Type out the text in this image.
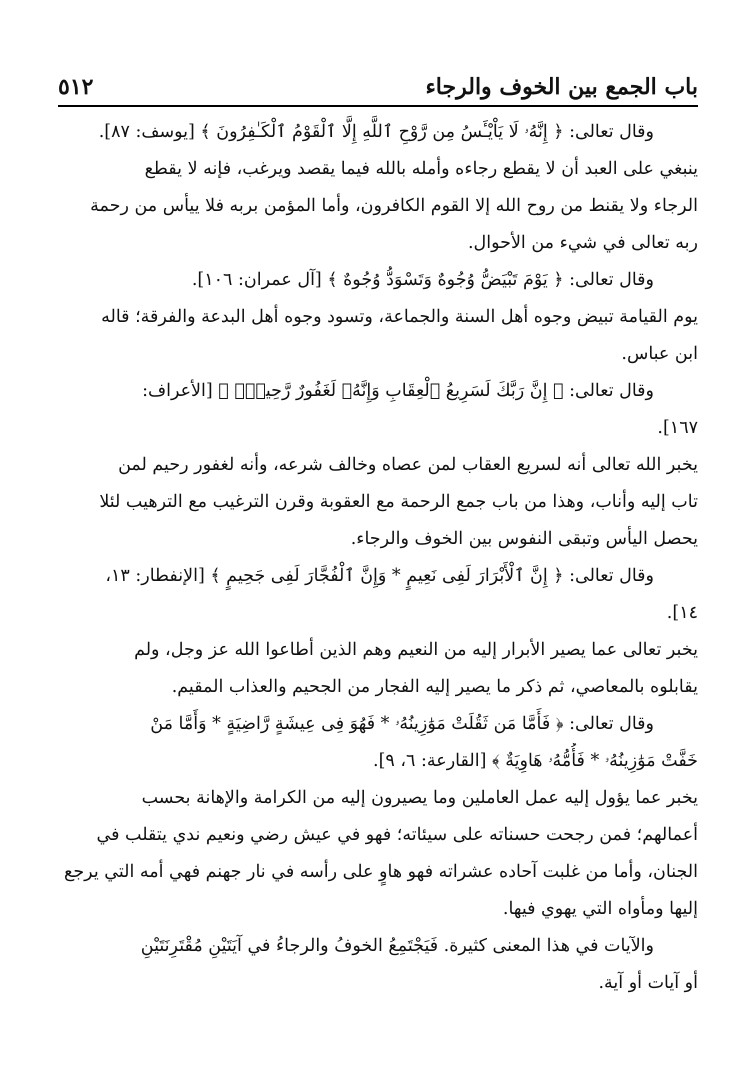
باب الجمع بين الخوف والرجاء
٥١٢
وقال تعالى: ﴿ إِنَّهُۥ لَا يَاْيْـَٔسُ مِن رَّوْحِ ٱللَّهِ إِلَّا ٱلْقَوْمُ ٱلْكَـٰفِرُونَ ﴾ [يوسف: ٨٧].
ينبغي على العبد أن لا يقطع رجاءه وأمله بالله فيما يقصد ويرغب، فإنه لا يقطع
الرجاء ولا يقنط من روح الله إلا القوم الكافرون، وأما المؤمن بربه فلا ييأس من رحمة
ربه تعالى في شيء من الأحوال.
وقال تعالى: ﴿ يَوْمَ تَبْيَضُّ وُجُوهٌ وَتَسْوَدُّ وُجُوهٌ ﴾ [آل عمران: ١٠٦].
يوم القيامة تبيض وجوه أهل السنة والجماعة، وتسود وجوه أهل البدعة والفرقة؛ قاله
ابن عباس.
وقال تعالى: ﴿ إِنَّ رَبَّكَ لَسَرِيعُ ٱلْعِقَابِ وَإِنَّهُۥ لَغَفُورٌ رَّحِيمٌۢ ﴾ [الأعراف:
١٦٧].
يخبر الله تعالى أنه لسريع العقاب لمن عصاه وخالف شرعه، وأنه لغفور رحيم لمن
تاب إليه وأناب، وهذا من باب جمع الرحمة مع العقوبة وقرن الترغيب مع الترهيب لئلا
يحصل اليأس وتبقى النفوس بين الخوف والرجاء.
وقال تعالى: ﴿ إِنَّ ٱلْأَبْرَارَ لَفِى نَعِيمٍ * وَإِنَّ ٱلْفُجَّارَ لَفِى جَحِيمٍ ﴾ [الإنفطار: ١٣،
١٤].
يخبر تعالى عما يصير الأبرار إليه من النعيم وهم الذين أطاعوا الله عز وجل، ولم
يقابلوه بالمعاصي، ثم ذكر ما يصير إليه الفجار من الجحيم والعذاب المقيم.
وقال تعالى: ﴿ فَأَمَّا مَن ثَقُلَتْ مَوَٰزِينُهُۥ * فَهُوَ فِى عِيشَةٍ رَّاضِيَةٍ * وَأَمَّا مَنْ
خَفَّتْ مَوَٰزِينُهُۥ * فَأُمُّهُۥ هَاوِيَةٌ ﴾ [القارعة: ٦، ٩].
يخبر عما يؤول إليه عمل العاملين وما يصيرون إليه من الكرامة والإهانة بحسب
أعمالهم؛ فمن رجحت حسناته على سيئاته؛ فهو في عيش رضي ونعيم ندي يتقلب في
الجنان، وأما من غلبت آحاده عشراته فهو هاوٍ على رأسه في نار جهنم فهي أمه التي يرجع
إليها ومأواه التي يهوي فيها.
والآيات في هذا المعنى كثيرة. فَيَجْتَمِعُ الخوفُ والرجاءُ في آيَتَيْنِ مُقْتَرِنَتَيْنِ
أو آيات أو آية.
